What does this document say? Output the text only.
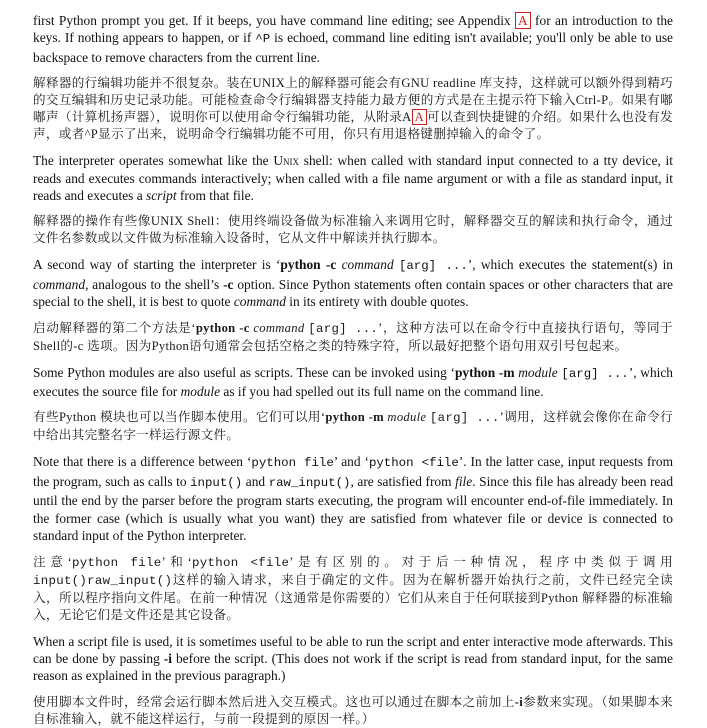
first Python prompt you get. If it beeps, you have command line editing; see Appendix A for an introduction to the keys. If nothing appears to happen, or if ^P is echoed, command line editing isn't available; you'll only be able to use backspace to remove characters from the current line.

解释器的行编辑功能并不很复杂。装在UNIX上的解释器可能会有GNU readline 库支持，这样就可以额外得到精巧的交互编辑和历史记录功能。可能检查命令行编辑器支持能力最方便的方式是在主提示符下输入Ctrl-P。如果有嘟嘟声（计算机扬声器），说明你可以使用命令行编辑功能，从附录A A 可以查到快捷键的介绍。如果什么也没有发声，或者^P显示了出来，说明命令行编辑功能不可用，你只有用退格键删掉输入的命令了。

The interpreter operates somewhat like the Unix shell: when called with standard input connected to a tty device, it reads and executes commands interactively; when called with a file name argument or with a file as standard input, it reads and executes a script from that file.

解释器的操作有些像UNIX Shell：使用终端设备做为标准输入来调用它时，解释器交互的解读和执行命令，通过文件名参数或以文件做为标准输入设备时，它从文件中解读并执行脚本。

A second way of starting the interpreter is ‘python -c command [arg] ...’, which executes the statement(s) in command, analogous to the shell’s -c option. Since Python statements often contain spaces or other characters that are special to the shell, it is best to quote command in its entirety with double quotes.

启动解释器的第二个方法是‘python -c command [arg] ...’，这种方法可以在命令行中直接执行语句，等同于Shell的-c 选项。因为Python语句通常会包括空格之类的特殊字符，所以最好把整个语句用双引号包起来。

Some Python modules are also useful as scripts. These can be invoked using ‘python -m module [arg] ...’, which executes the source file for module as if you had spelled out its full name on the command line.

有些Python 模块也可以当作脚本使用。它们可以用‘python -m module [arg] ...’调用，这样就会像你在命令行中给出其完整名字一样运行源文件。

Note that there is a difference between ‘python file’ and ‘python <file’. In the latter case, input requests from the program, such as calls to input() and raw_input(), are satisfied from file. Since this file has already been read until the end by the parser before the program starts executing, the program will encounter end-of-file immediately. In the former case (which is usually what you want) they are satisfied from whatever file or device is connected to standard input of the Python interpreter.

注意‘python file’和‘python <file’是有区别的。对于后一种情况，程序中类似于调用input()raw_input()这样的输入请求，来自于确定的文件。因为在解析器开始执行之前，文件已经完全读入，所以程序指向文件尾。在前一种情况（这通常是你需要的）它们从来自于任何联接到Python 解释器的标准输入，无论它们是文件还是其它设备。

When a script file is used, it is sometimes useful to be able to run the script and enter interactive mode afterwards. This can be done by passing -i before the script. (This does not work if the script is read from standard input, for the same reason as explained in the previous paragraph.)

使用脚本文件时，经常会运行脚本然后进入交互模式。这也可以通过在脚本之前加上-i参数来实现。（如果脚本来自标准输入，就不能这样运行，与前一段提到的原因一样。）
